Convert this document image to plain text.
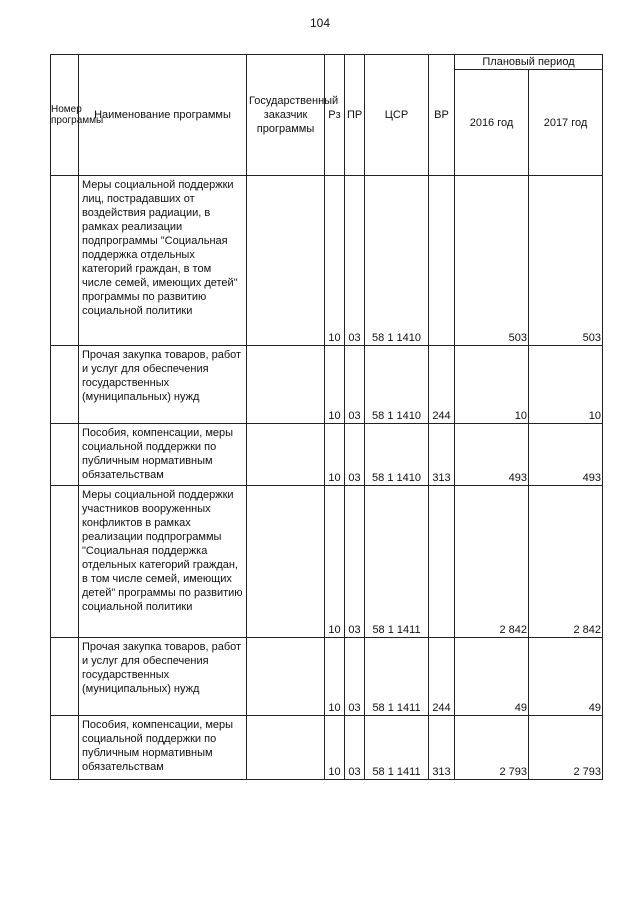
104
Номер программы	Наименование программы	Государственный заказчик программы	Рз	ПР	ЦСР	ВР	Плановый период	
							2016 год	2017 год
	Меры социальной поддержки лиц, пострадавших от воздействия радиации, в рамках реализации подпрограммы "Социальная поддержка отдельных категорий граждан, в том числе семей, имеющих детей" программы по развитию социальной политики		10	03	58 1 1410		503	503
	Прочая закупка товаров, работ и услуг для обеспечения государственных (муниципальных) нужд		10	03	58 1 1410	244	10	10
	Пособия, компенсации, меры социальной поддержки по публичным нормативным обязательствам		10	03	58 1 1410	313	493	493
	Меры социальной поддержки участников вооруженных конфликтов в рамках реализации подпрограммы "Социальная поддержка отдельных категорий граждан, в том числе семей, имеющих детей" программы по развитию социальной политики		10	03	58 1 1411		2 842	2 842
	Прочая закупка товаров, работ и услуг для обеспечения государственных (муниципальных) нужд		10	03	58 1 1411	244	49	49
	Пособия, компенсации, меры социальной поддержки по публичным нормативным обязательствам		10	03	58 1 1411	313	2 793	2 793
